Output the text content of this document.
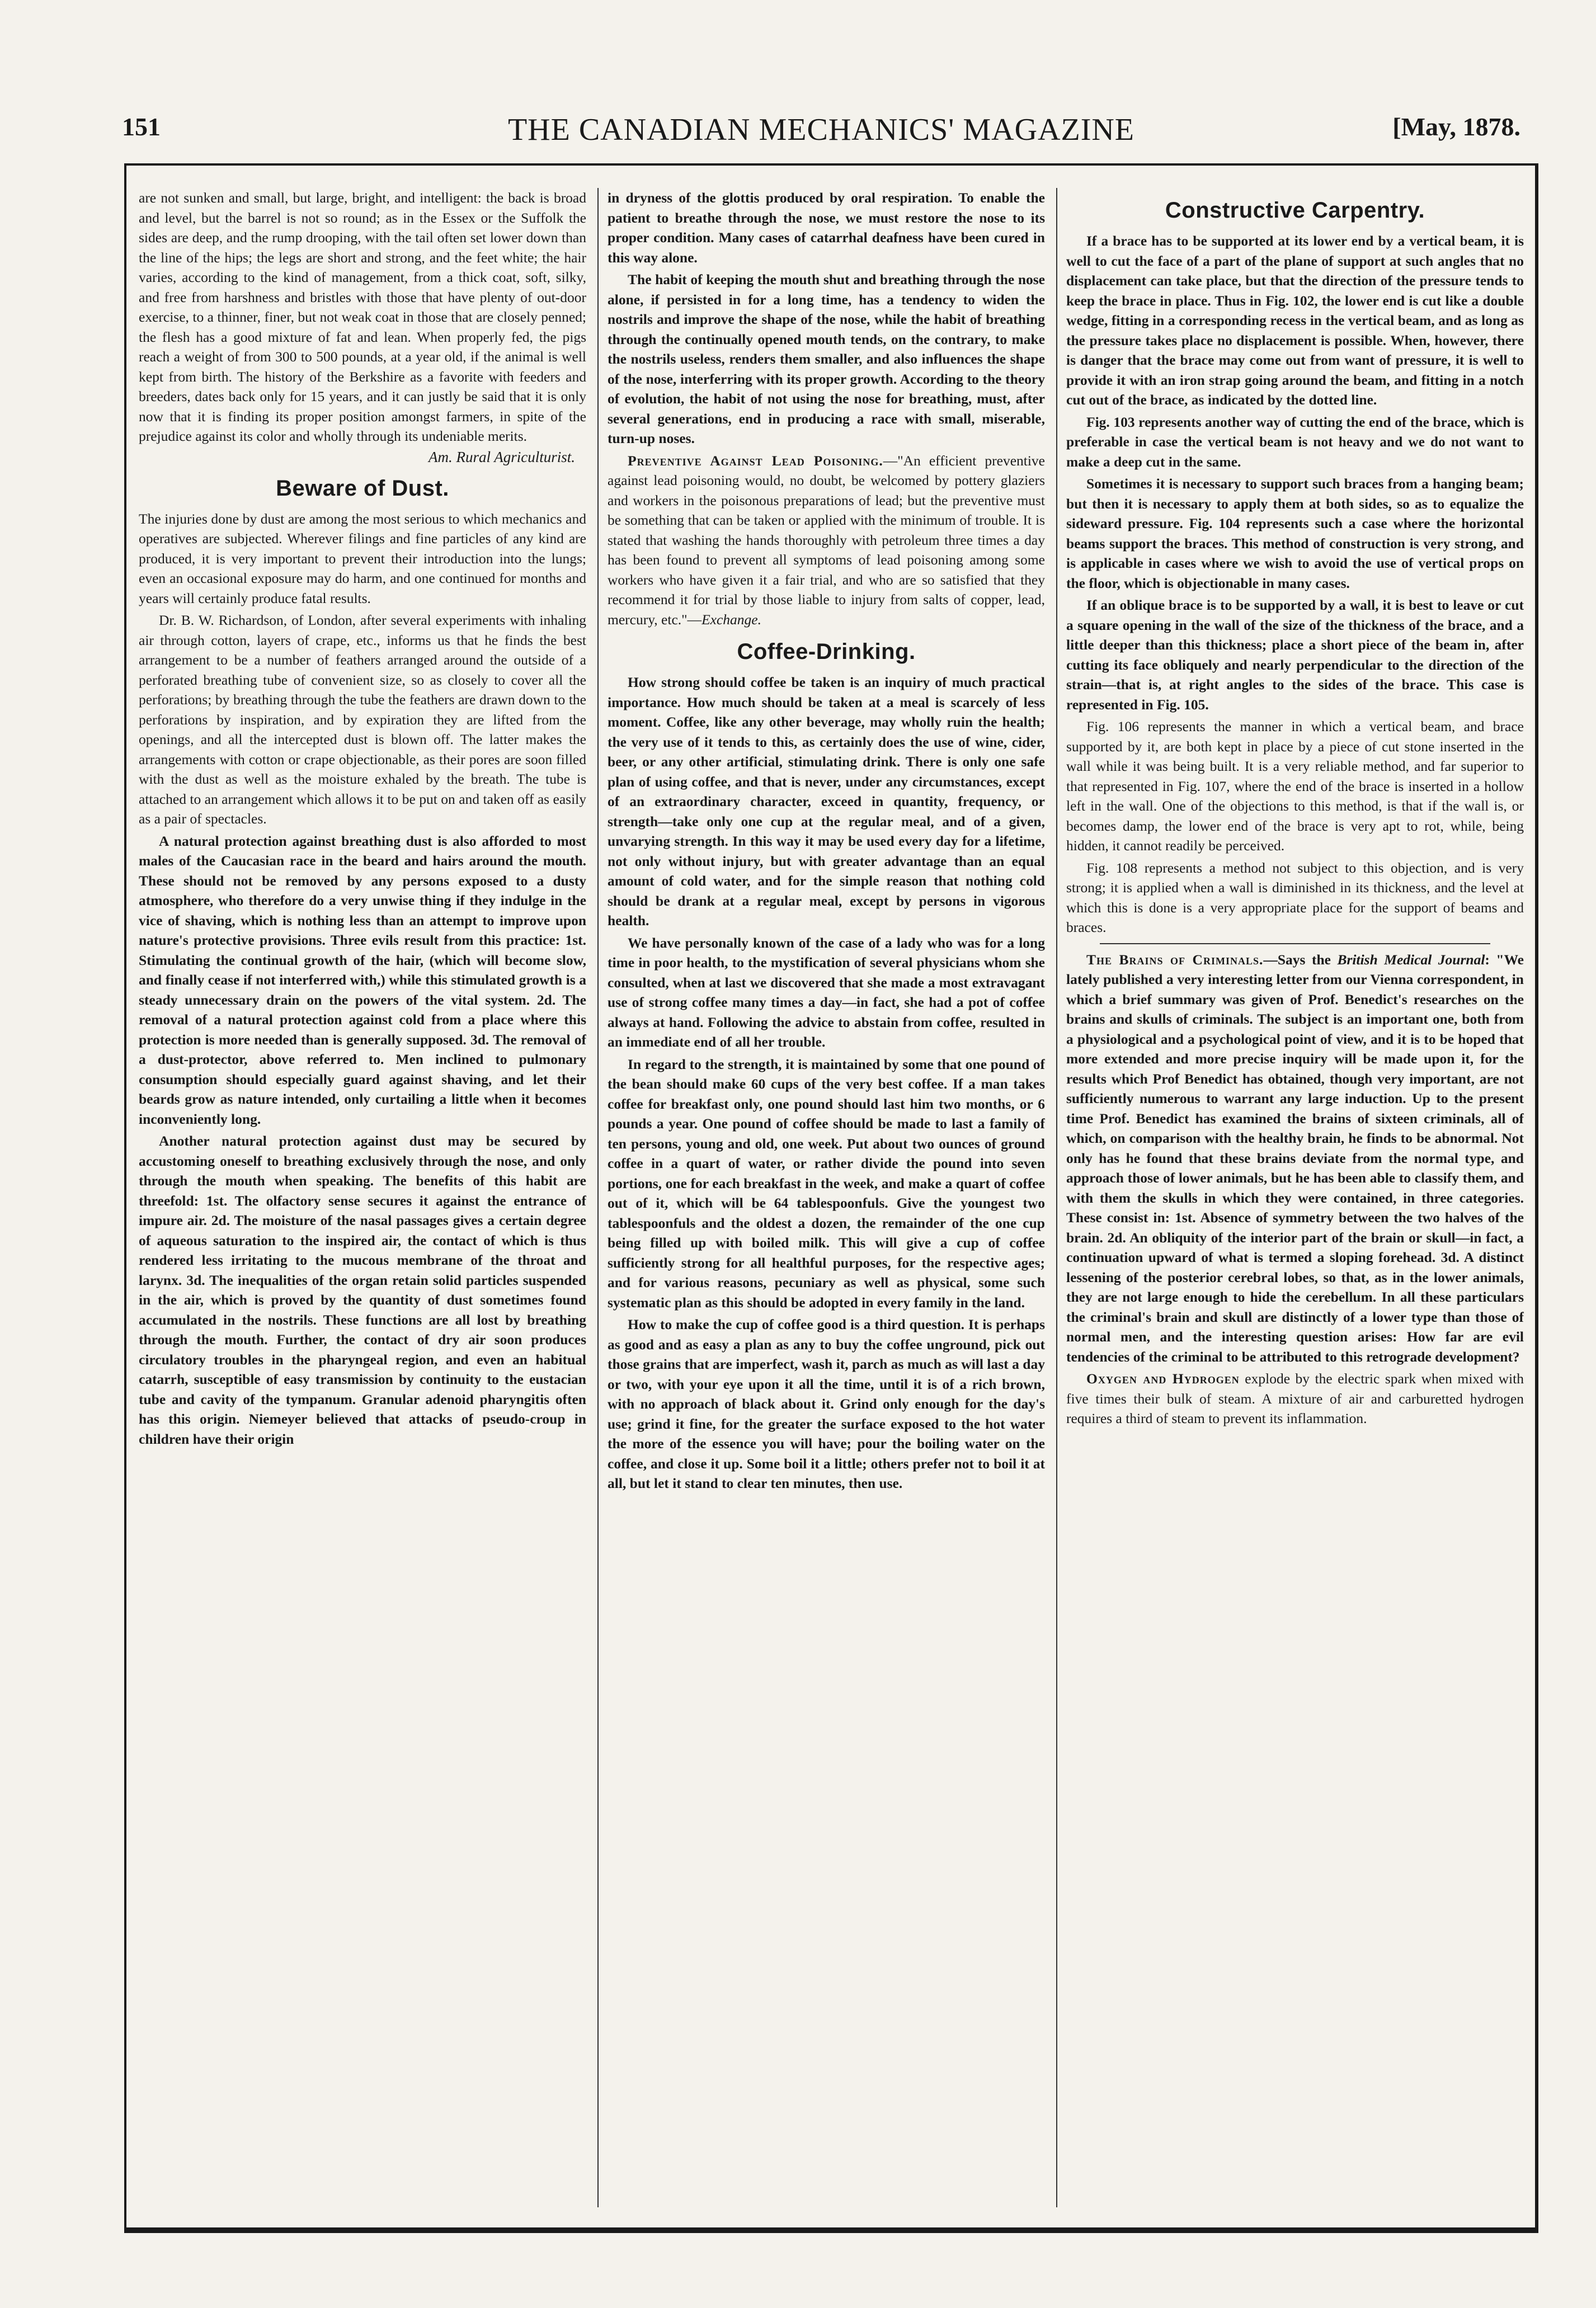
151	THE CANADIAN MECHANICS' MAGAZINE	[May, 1878.

are not sunken and small, but large, bright, and intelligent: the back is broad and level, but the barrel is not so round; as in the Essex or the Suffolk the sides are deep, and the rump drooping, with the tail often set lower down than the line of the hips; the legs are short and strong, and the feet white; the hair varies, according to the kind of management, from a thick coat, soft, silky, and free from harshness and bristles with those that have plenty of out-door exercise, to a thinner, finer, but not weak coat in those that are closely penned; the flesh has a good mixture of fat and lean. When properly fed, the pigs reach a weight of from 300 to 500 pounds, at a year old, if the animal is well kept from birth. The history of the Berkshire as a favorite with feeders and breeders, dates back only for 15 years, and it can justly be said that it is only now that it is finding its proper position amongst farmers, in spite of the prejudice against its color and wholly through its undeniable merits.

Am. Rural Agriculturist.
Beware of Dust.

The injuries done by dust are among the most serious to which mechanics and operatives are subjected. Wherever filings and fine particles of any kind are produced, it is very important to prevent their introduction into the lungs; even an occasional exposure may do harm, and one continued for months and years will certainly produce fatal results.

Dr. B. W. Richardson, of London, after several experiments with inhaling air through cotton, layers of crape, etc., informs us that he finds the best arrangement to be a number of feathers arranged around the outside of a perforated breathing tube of convenient size, so as closely to cover all the perforations; by breathing through the tube the feathers are drawn down to the perforations by inspiration, and by expiration they are lifted from the openings, and all the intercepted dust is blown off. The latter makes the arrangements with cotton or crape objectionable, as their pores are soon filled with the dust as well as the moisture exhaled by the breath. The tube is attached to an arrangement which allows it to be put on and taken off as easily as a pair of spectacles.

A natural protection against breathing dust is also afforded to most males of the Caucasian race in the beard and hairs around the mouth. These should not be removed by any persons exposed to a dusty atmosphere, who therefore do a very unwise thing if they indulge in the vice of shaving, which is nothing less than an attempt to improve upon nature's protective provisions. Three evils result from this practice: 1st. Stimulating the continual growth of the hair, (which will become slow, and finally cease if not interferred with,) while this stimulated growth is a steady unnecessary drain on the powers of the vital system. 2d. The removal of a natural protection against cold from a place where this protection is more needed than is generally supposed. 3d. The removal of a dust-protector, above referred to. Men inclined to pulmonary consumption should especially guard against shaving, and let their beards grow as nature intended, only curtailing a little when it becomes inconveniently long.

Another natural protection against dust may be secured by accustoming oneself to breathing exclusively through the nose, and only through the mouth when speaking. The benefits of this habit are threefold: 1st. The olfactory sense secures it against the entrance of impure air. 2d. The moisture of the nasal passages gives a certain degree of aqueous saturation to the inspired air, the contact of which is thus rendered less irritating to the mucous membrane of the throat and larynx. 3d. The inequalities of the organ retain solid particles suspended in the air, which is proved by the quantity of dust sometimes found accumulated in the nostrils. These functions are all lost by breathing through the mouth. Further, the contact of dry air soon produces circulatory troubles in the pharyngeal region, and even an habitual catarrh, susceptible of easy transmission by continuity to the eustacian tube and cavity of the tympanum. Granular adenoid pharyngitis often has this origin. Niemeyer believed that attacks of pseudo-croup in children have their origin

in dryness of the glottis produced by oral respiration. To enable the patient to breathe through the nose, we must restore the nose to its proper condition. Many cases of catarrhal deafness have been cured in this way alone.

The habit of keeping the mouth shut and breathing through the nose alone, if persisted in for a long time, has a tendency to widen the nostrils and improve the shape of the nose, while the habit of breathing through the continually opened mouth tends, on the contrary, to make the nostrils useless, renders them smaller, and also influences the shape of the nose, interferring with its proper growth. According to the theory of evolution, the habit of not using the nose for breathing, must, after several generations, end in producing a race with small, miserable, turn-up noses.

Preventive Against Lead Poisoning.—"An efficient preventive against lead poisoning would, no doubt, be welcomed by pottery glaziers and workers in the poisonous preparations of lead; but the preventive must be something that can be taken or applied with the minimum of trouble. It is stated that washing the hands thoroughly with petroleum three times a day has been found to prevent all symptoms of lead poisoning among some workers who have given it a fair trial, and who are so satisfied that they recommend it for trial by those liable to injury from salts of copper, lead, mercury, etc."—Exchange.

Coffee-Drinking.

How strong should coffee be taken is an inquiry of much practical importance. How much should be taken at a meal is scarcely of less moment. Coffee, like any other beverage, may wholly ruin the health; the very use of it tends to this, as certainly does the use of wine, cider, beer, or any other artificial, stimulating drink. There is only one safe plan of using coffee, and that is never, under any circumstances, except of an extraordinary character, exceed in quantity, frequency, or strength—take only one cup at the regular meal, and of a given, unvarying strength. In this way it may be used every day for a lifetime, not only without injury, but with greater advantage than an equal amount of cold water, and for the simple reason that nothing cold should be drank at a regular meal, except by persons in vigorous health.

We have personally known of the case of a lady who was for a long time in poor health, to the mystification of several physicians whom she consulted, when at last we discovered that she made a most extravagant use of strong coffee many times a day—in fact, she had a pot of coffee always at hand. Following the advice to abstain from coffee, resulted in an immediate end of all her trouble.

In regard to the strength, it is maintained by some that one pound of the bean should make 60 cups of the very best coffee. If a man takes coffee for breakfast only, one pound should last him two months, or 6 pounds a year. One pound of coffee should be made to last a family of ten persons, young and old, one week. Put about two ounces of ground coffee in a quart of water, or rather divide the pound into seven portions, one for each breakfast in the week, and make a quart of coffee out of it, which will be 64 tablespoonfuls. Give the youngest two tablespoonfuls and the oldest a dozen, the remainder of the one cup being filled up with boiled milk. This will give a cup of coffee sufficiently strong for all healthful purposes, for the respective ages; and for various reasons, pecuniary as well as physical, some such systematic plan as this should be adopted in every family in the land.

How to make the cup of coffee good is a third question. It is perhaps as good and as easy a plan as any to buy the coffee unground, pick out those grains that are imperfect, wash it, parch as much as will last a day or two, with your eye upon it all the time, until it is of a rich brown, with no approach of black about it. Grind only enough for the day's use; grind it fine, for the greater the surface exposed to the hot water the more of the essence you will have; pour the boiling water on the coffee, and close it up. Some boil it a little; others prefer not to boil it at all, but let it stand to clear ten minutes, then use.

Constructive Carpentry.

If a brace has to be supported at its lower end by a vertical beam, it is well to cut the face of a part of the plane of support at such angles that no displacement can take place, but that the direction of the pressure tends to keep the brace in place. Thus in Fig. 102, the lower end is cut like a double wedge, fitting in a corresponding recess in the vertical beam, and as long as the pressure takes place no displacement is possible. When, however, there is danger that the brace may come out from want of pressure, it is well to provide it with an iron strap going around the beam, and fitting in a notch cut out of the brace, as indicated by the dotted line.

Fig. 103 represents another way of cutting the end of the brace, which is preferable in case the vertical beam is not heavy and we do not want to make a deep cut in the same.

Sometimes it is necessary to support such braces from a hanging beam; but then it is necessary to apply them at both sides, so as to equalize the sideward pressure. Fig. 104 represents such a case where the horizontal beams support the braces. This method of construction is very strong, and is applicable in cases where we wish to avoid the use of vertical props on the floor, which is objectionable in many cases.

If an oblique brace is to be supported by a wall, it is best to leave or cut a square opening in the wall of the size of the thickness of the brace, and a little deeper than this thickness; place a short piece of the beam in, after cutting its face obliquely and nearly perpendicular to the direction of the strain—that is, at right angles to the sides of the brace. This case is represented in Fig. 105.

Fig. 106 represents the manner in which a vertical beam, and brace supported by it, are both kept in place by a piece of cut stone inserted in the wall while it was being built. It is a very reliable method, and far superior to that represented in Fig. 107, where the end of the brace is inserted in a hollow left in the wall. One of the objections to this method, is that if the wall is, or becomes damp, the lower end of the brace is very apt to rot, while, being hidden, it cannot readily be perceived.

Fig. 108 represents a method not subject to this objection, and is very strong; it is applied when a wall is diminished in its thickness, and the level at which this is done is a very appropriate place for the support of beams and braces.

The Brains of Criminals.—Says the British Medical Journal: "We lately published a very interesting letter from our Vienna correspondent, in which a brief summary was given of Prof. Benedict's researches on the brains and skulls of criminals. The subject is an important one, both from a physiological and a psychological point of view, and it is to be hoped that more extended and more precise inquiry will be made upon it, for the results which Prof Benedict has obtained, though very important, are not sufficiently numerous to warrant any large induction. Up to the present time Prof. Benedict has examined the brains of sixteen criminals, all of which, on comparison with the healthy brain, he finds to be abnormal. Not only has he found that these brains deviate from the normal type, and approach those of lower animals, but he has been able to classify them, and with them the skulls in which they were contained, in three categories. These consist in: 1st. Absence of symmetry between the two halves of the brain. 2d. An obliquity of the interior part of the brain or skull—in fact, a continuation upward of what is termed a sloping forehead. 3d. A distinct lessening of the posterior cerebral lobes, so that, as in the lower animals, they are not large enough to hide the cerebellum. In all these particulars the criminal's brain and skull are distinctly of a lower type than those of normal men, and the interesting question arises: How far are evil tendencies of the criminal to be attributed to this retrograde development?

Oxygen and Hydrogen explode by the electric spark when mixed with five times their bulk of steam. A mixture of air and carburetted hydrogen requires a third of steam to prevent its inflammation.
